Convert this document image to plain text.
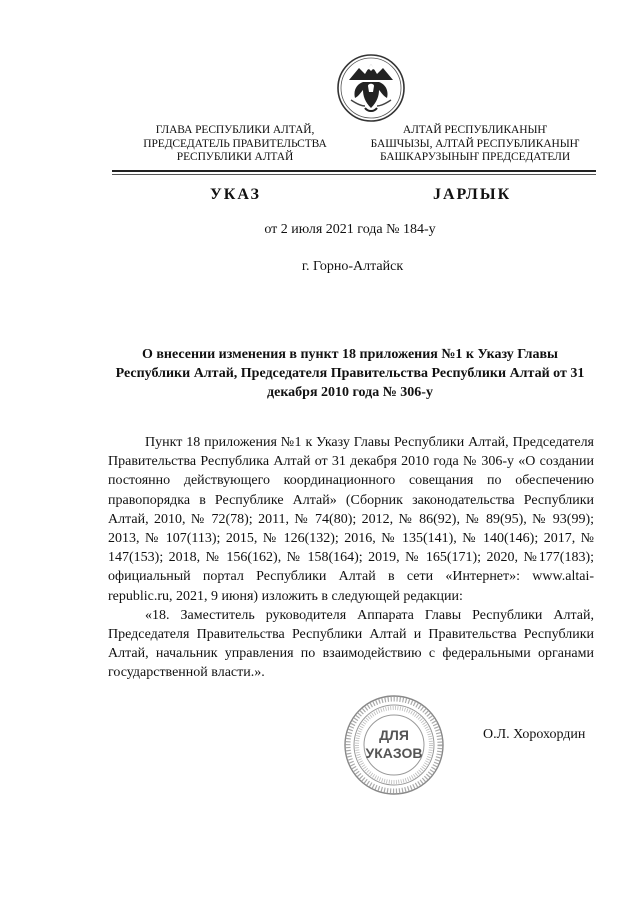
ГЛАВА РЕСПУБЛИКИ АЛТАЙ,
ПРЕДСЕДАТЕЛЬ ПРАВИТЕЛЬСТВА
РЕСПУБЛИКИ АЛТАЙ
АЛТАЙ РЕСПУБЛИКАНЫҤ
БАШЧЫЗЫ, АЛТАЙ РЕСПУБЛИКАНЫҤ
БАШКАРУЗЫНЫҤ ПРЕДСЕДАТЕЛИ
УКАЗ	ЈАРЛЫК
от 2 июля 2021 года № 184-у
г. Горно-Алтайск
О внесении изменения в пункт 18 приложения №1 к Указу Главы Республики Алтай, Председателя Правительства Республики Алтай от 31 декабря 2010 года № 306-у

Пункт 18 приложения №1 к Указу Главы Республики Алтай, Председателя Правительства Республика Алтай от 31 декабря 2010 года № 306-у «О создании постоянно действующего координационного совещания по обеспечению правопорядка в Республике Алтай» (Сборник законодательства Республики Алтай, 2010, № 72(78); 2011, № 74(80); 2012, № 86(92), № 89(95), № 93(99); 2013, № 107(113); 2015, № 126(132); 2016, № 135(141), № 140(146); 2017, № 147(153); 2018, № 156(162), № 158(164); 2019, № 165(171); 2020, №177(183); официальный портал Республики Алтай в сети «Интернет»: www.altai-republic.ru, 2021, 9 июня) изложить в следующей редакции:

«18. Заместитель руководителя Аппарата Главы Республики Алтай, Председателя Правительства Республики Алтай и Правительства Республики Алтай, начальник управления по взаимодействию с федеральными органами государственной власти.».

ДЛЯ
УКАЗОВ
О.Л. Хорохордин
